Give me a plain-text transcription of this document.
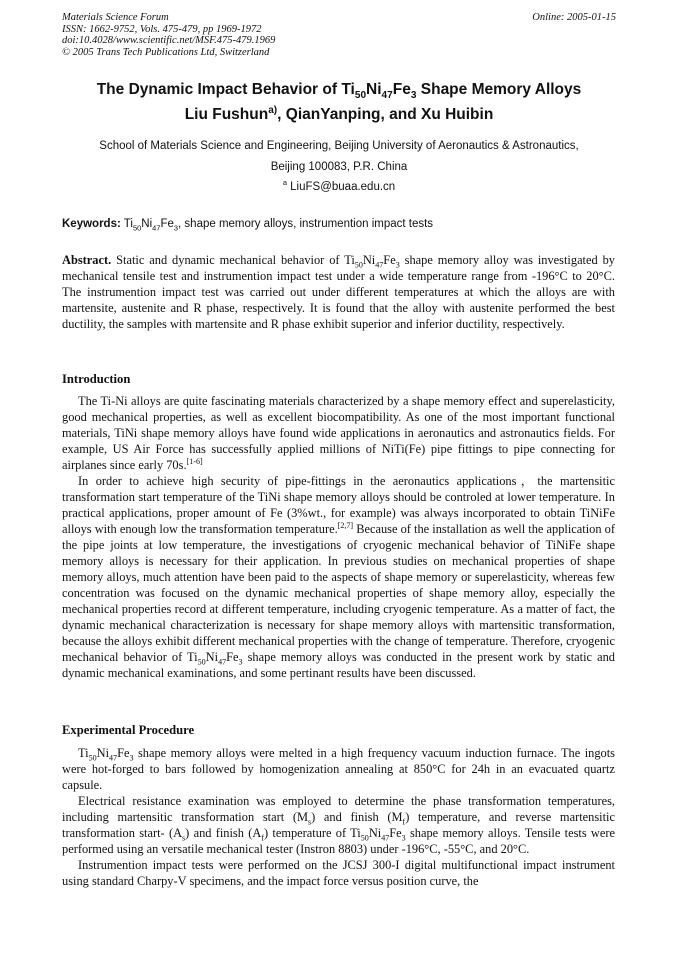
Materials Science Forum
ISSN: 1662-9752, Vols. 475-479, pp 1969-1972
doi:10.4028/www.scientific.net/MSF.475-479.1969
© 2005 Trans Tech Publications Ltd, Switzerland
Online: 2005-01-15
The Dynamic Impact Behavior of $Ti_{50}Ni_{47}Fe_3$ Shape Memory Alloys
Liu Fushun$^{a)}$, QianYanping, and Xu Huibin
School of Materials Science and Engineering, Beijing University of Aeronautics & Astronautics,
Beijing 100083, P.R. China
$^a$ LiuFS@buaa.edu.cn
Keywords: $Ti_{50}Ni_{47}Fe_3$, shape memory alloys, instrumention impact tests

Abstract. Static and dynamic mechanical behavior of $Ti_{50}Ni_{47}Fe_3$ shape memory alloy was investigated by mechanical tensile test and instrumention impact test under a wide temperature range from -196°C to 20°C. The instrumention impact test was carried out under different temperatures at which the alloys are with martensite, austenite and R phase, respectively. It is found that the alloy with austenite performed the best ductility, the samples with martensite and R phase exhibit superior and inferior ductility, respectively.

Introduction

The Ti-Ni alloys are quite fascinating materials characterized by a shape memory effect and superelasticity, good mechanical properties, as well as excellent biocompatibility. As one of the most important functional materials, TiNi shape memory alloys have found wide applications in aeronautics and astronautics fields. For example, US Air Force has successfully applied millions of NiTi(Fe) pipe fittings to pipe connecting for airplanes since early 70s.[1-6]

In order to achieve high security of pipe-fittings in the aeronautics applications，the martensitic transformation start temperature of the TiNi shape memory alloys should be controled at lower temperature. In practical applications, proper amount of Fe (3%wt., for example) was always incorporated to obtain TiNiFe alloys with enough low the transformation temperature.[2,7] Because of the installation as well the application of the pipe joints at low temperature, the investigations of cryogenic mechanical behavior of TiNiFe shape memory alloys is necessary for their application. In previous studies on mechanical properties of shape memory alloys, much attention have been paid to the aspects of shape memory or superelasticity, whereas few concentration was focused on the dynamic mechanical properties of shape memory alloy, especially the mechanical properties record at different temperature, including cryogenic temperature. As a matter of fact, the dynamic mechanical characterization is necessary for shape memory alloys with martensitic transformation, because the alloys exhibit different mechanical properties with the change of temperature. Therefore, cryogenic mechanical behavior of $Ti_{50}Ni_{47}Fe_3$ shape memory alloys was conducted in the present work by static and dynamic mechanical examinations, and some pertinant results have been discussed.

Experimental Procedure

$Ti_{50}Ni_{47}Fe_3$ shape memory alloys were melted in a high frequency vacuum induction furnace. The ingots were hot-forged to bars followed by homogenization annealing at 850°C for 24h in an evacuated quartz capsule.

Electrical resistance examination was employed to determine the phase transformation temperatures, including martensitic transformation start $(M_s)$ and finish $(M_f)$ temperature, and reverse martensitic transformation start- $(A_s)$ and finish $(A_f)$ temperature of $Ti_{50}Ni_{47}Fe_3$ shape memory alloys. Tensile tests were performed using an versatile mechanical tester (Instron 8803) under -196°C, -55°C, and 20°C.

Instrumention impact tests were performed on the JCSJ 300-I digital multifunctional impact instrument using standard Charpy-V specimens, and the impact force versus position curve, the
